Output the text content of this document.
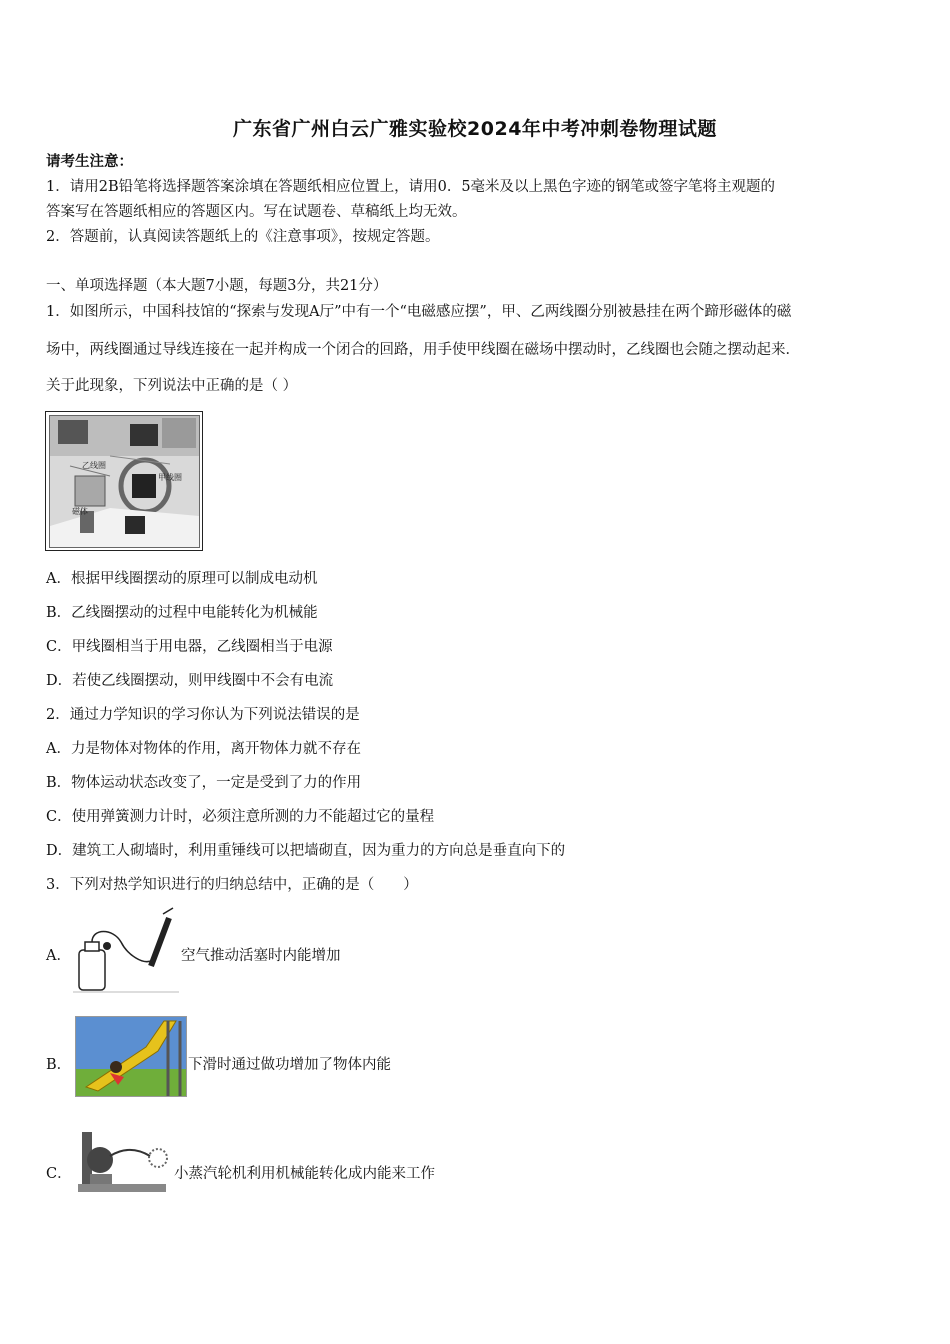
广东省广州白云广雅实验校2024年中考冲刺卷物理试题
请考生注意：
1．请用2B铅笔将选择题答案涂填在答题纸相应位置上，请用0．5毫米及以上黑色字迹的钢笔或签字笔将主观题的
答案写在答题纸相应的答题区内。写在试题卷、草稿纸上均无效。
2．答题前，认真阅读答题纸上的《注意事项》，按规定答题。
一、单项选择题（本大题7小题，每题3分，共21分）
1．如图所示，中国科技馆的“探索与发现A厅”中有一个“电磁感应摆”，甲、乙两线圈分别被悬挂在两个蹄形磁体的磁
场中，两线圈通过导线连接在一起并构成一个闭合的回路，用手使甲线圈在磁场中摆动时，乙线圈也会随之摆动起来．
关于此现象，下列说法中正确的是（ ）
乙线圈
甲线圈
磁体
A．根据甲线圈摆动的原理可以制成电动机
B．乙线圈摆动的过程中电能转化为机械能
C．甲线圈相当于用电器，乙线圈相当于电源
D．若使乙线圈摆动，则甲线圈中不会有电流
2．通过力学知识的学习你认为下列说法错误的是
A．力是物体对物体的作用，离开物体力就不存在
B．物体运动状态改变了，一定是受到了力的作用
C．使用弹簧测力计时，必须注意所测的力不能超过它的量程
D．建筑工人砌墙时，利用重锤线可以把墙砌直，因为重力的方向总是垂直向下的
3．下列对热学知识进行的归纳总结中，正确的是（　　）
A．	空气推动活塞时内能增加
B．	下滑时通过做功增加了物体内能
C．	小蒸汽轮机利用机械能转化成内能来工作
